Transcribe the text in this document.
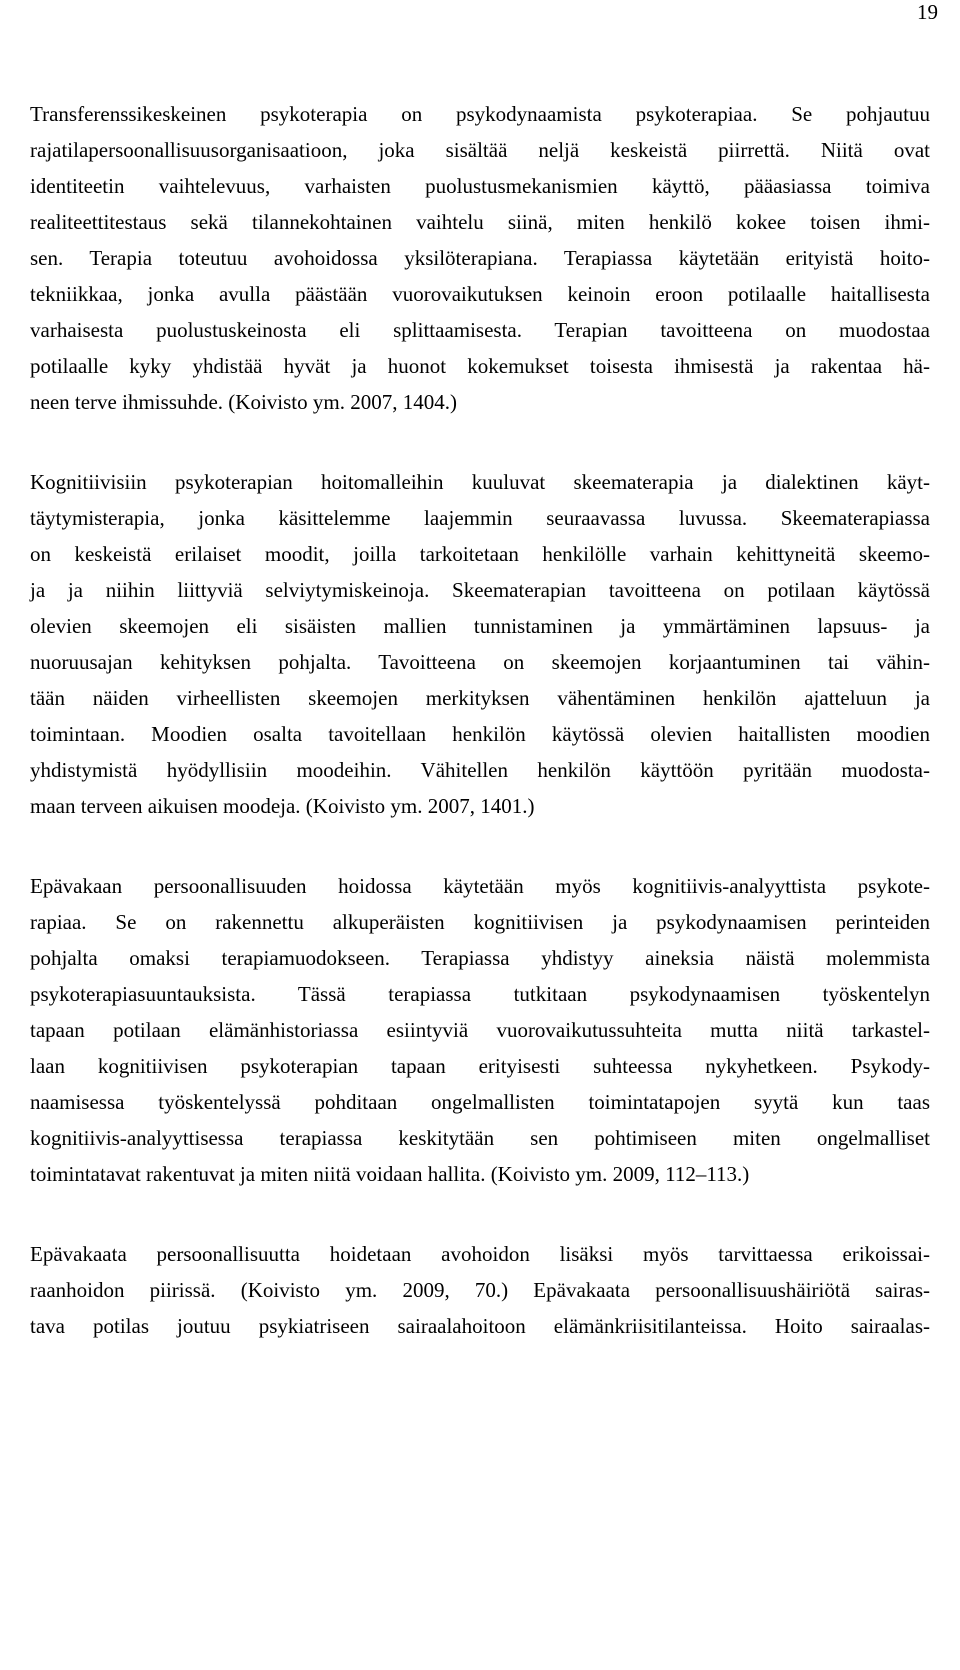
19
Transferenssikeskeinen psykoterapia on psykodynaamista psykoterapiaa. Se pohjautuu
rajatilapersoonallisuusorganisaatioon, joka sisältää neljä keskeistä piirrettä. Niitä ovat
identiteetin vaihtelevuus, varhaisten puolustusmekanismien käyttö, pääasiassa toimiva
realiteettitestaus sekä tilannekohtainen vaihtelu siinä, miten henkilö kokee toisen ihmi-
sen. Terapia toteutuu avohoidossa yksilöterapiana. Terapiassa käytetään erityistä hoito-
tekniikkaa, jonka avulla päästään vuorovaikutuksen keinoin eroon potilaalle haitallisesta
varhaisesta puolustuskeinosta eli splittaamisesta. Terapian tavoitteena on muodostaa
potilaalle kyky yhdistää hyvät ja huonot kokemukset toisesta ihmisestä ja rakentaa hä-
neen terve ihmissuhde. (Koivisto ym. 2007, 1404.)
Kognitiivisiin psykoterapian hoitomalleihin kuuluvat skeematerapia ja dialektinen käyt-
täytymisterapia, jonka käsittelemme laajemmin seuraavassa luvussa. Skeematerapiassa
on keskeistä erilaiset moodit, joilla tarkoitetaan henkilölle varhain kehittyneitä skeemo-
ja ja niihin liittyviä selviytymiskeinoja. Skeematerapian tavoitteena on potilaan käytössä
olevien skeemojen eli sisäisten mallien tunnistaminen ja ymmärtäminen lapsuus- ja
nuoruusajan kehityksen pohjalta. Tavoitteena on skeemojen korjaantuminen tai vähin-
tään näiden virheellisten skeemojen merkityksen vähentäminen henkilön ajatteluun ja
toimintaan. Moodien osalta tavoitellaan henkilön käytössä olevien haitallisten moodien
yhdistymistä hyödyllisiin moodeihin. Vähitellen henkilön käyttöön pyritään muodosta-
maan terveen aikuisen moodeja. (Koivisto ym. 2007, 1401.)
Epävakaan persoonallisuuden hoidossa käytetään myös kognitiivis-analyyttista psykote-
rapiaa. Se on rakennettu alkuperäisten kognitiivisen ja psykodynaamisen perinteiden
pohjalta omaksi terapiamuodokseen. Terapiassa yhdistyy aineksia näistä molemmista
psykoterapiasuuntauksista. Tässä terapiassa tutkitaan psykodynaamisen työskentelyn
tapaan potilaan elämänhistoriassa esiintyviä vuorovaikutussuhteita mutta niitä tarkastel-
laan kognitiivisen psykoterapian tapaan erityisesti suhteessa nykyhetkeen. Psykody-
naamisessa työskentelyssä pohditaan ongelmallisten toimintatapojen syytä kun taas
kognitiivis-analyyttisessa terapiassa keskitytään sen pohtimiseen miten ongelmalliset
toimintatavat rakentuvat ja miten niitä voidaan hallita. (Koivisto ym. 2009, 112–113.)
Epävakaata persoonallisuutta hoidetaan avohoidon lisäksi myös tarvittaessa erikoissai-
raanhoidon piirissä. (Koivisto ym. 2009, 70.) Epävakaata persoonallisuushäiriötä sairas-
tava potilas joutuu psykiatriseen sairaalahoitoon elämänkriisitilanteissa. Hoito sairaalas-
